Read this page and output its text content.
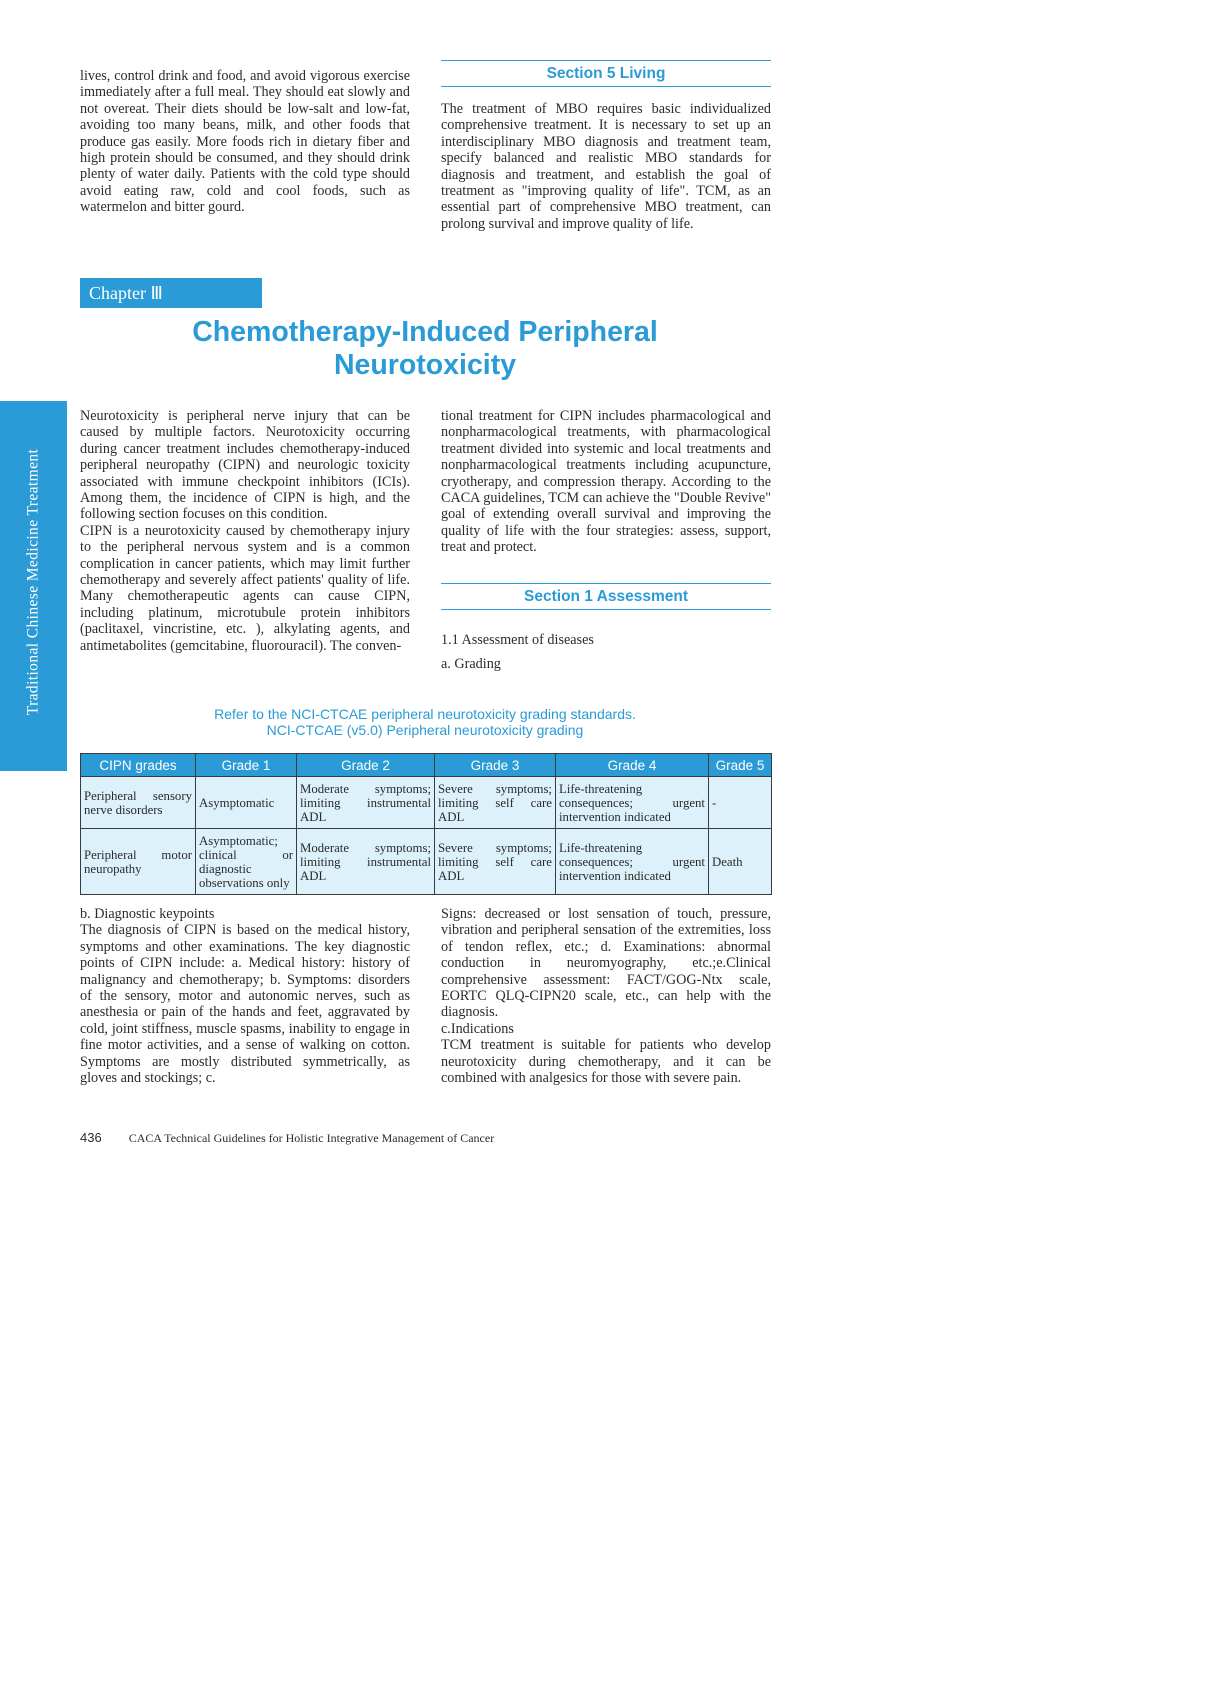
lives, control drink and food, and avoid vigorous exercise immediately after a full meal. They should eat slowly and not overeat. Their diets should be low-salt and low-fat, avoiding too many beans, milk, and other foods that produce gas easily. More foods rich in dietary fiber and high protein should be consumed, and they should drink plenty of water daily. Patients with the cold type should avoid eating raw, cold and cool foods, such as watermelon and bitter gourd.

Section 5 Living

The treatment of MBO requires basic individualized comprehensive treatment. It is necessary to set up an interdisciplinary MBO diagnosis and treatment team, specify balanced and realistic MBO standards for diagnosis and treatment, and establish the goal of treatment as "improving quality of life". TCM, as an essential part of comprehensive MBO treatment, can prolong survival and improve quality of life.

Traditional Chinese Medicine Treatment
Chapter Ⅲ
Chemotherapy-Induced Peripheral
Neurotoxicity

Neurotoxicity is peripheral nerve injury that can be caused by multiple factors. Neurotoxicity occurring during cancer treatment includes chemotherapy-induced peripheral neuropathy (CIPN) and neurologic toxicity associated with immune checkpoint inhibitors (ICIs). Among them, the incidence of CIPN is high, and the following section focuses on this condition.

CIPN is a neurotoxicity caused by chemotherapy injury to the peripheral nervous system and is a common complication in cancer patients, which may limit further chemotherapy and severely affect patients' quality of life. Many chemotherapeutic agents can cause CIPN, including platinum, microtubule protein inhibitors (paclitaxel, vincristine, etc. ), alkylating agents, and antimetabolites (gemcitabine, fluorouracil). The conven-

tional treatment for CIPN includes pharmacological and nonpharmacological treatments, with pharmacological treatment divided into systemic and local treatments and nonpharmacological treatments including acupuncture, cryotherapy, and compression therapy. According to the CACA guidelines, TCM can achieve the "Double Revive" goal of extending overall survival and improving the quality of life with the four strategies: assess, support, treat and protect.

Section 1 Assessment
1.1 Assessment of diseases
a. Grading
Refer to the NCI-CTCAE peripheral neurotoxicity grading standards.
NCI-CTCAE (v5.0) Peripheral neurotoxicity grading
CIPN grades	Grade 1	Grade 2	Grade 3	Grade 4	Grade 5
Peripheral sensory nerve disorders	Asymptomatic	Moderate symptoms; limiting instrumental ADL	Severe symptoms; limiting self care ADL	Life-threatening consequences; urgent intervention indicated	-
Peripheral motor neuropathy	Asymptomatic; clinical or diagnostic observations only	Moderate symptoms; limiting instrumental ADL	Severe symptoms; limiting self care ADL	Life-threatening consequences; urgent intervention indicated	Death

b. Diagnostic keypoints

The diagnosis of CIPN is based on the medical history, symptoms and other examinations. The key diagnostic points of CIPN include: a. Medical history: history of malignancy and chemotherapy; b. Symptoms: disorders of the sensory, motor and autonomic nerves, such as anesthesia or pain of the hands and feet, aggravated by cold, joint stiffness, muscle spasms, inability to engage in fine motor activities, and a sense of walking on cotton. Symptoms are mostly distributed symmetrically, as gloves and stockings; c.

Signs: decreased or lost sensation of touch, pressure, vibration and peripheral sensation of the extremities, loss of tendon reflex, etc.; d. Examinations: abnormal conduction in neuromyography, etc.;e.Clinical comprehensive assessment: FACT/GOG-Ntx scale, EORTC QLQ-CIPN20 scale, etc., can help with the diagnosis.

c.Indications

TCM treatment is suitable for patients who develop neurotoxicity during chemotherapy, and it can be combined with analgesics for those with severe pain.

436 CACA Technical Guidelines for Holistic Integrative Management of Cancer
